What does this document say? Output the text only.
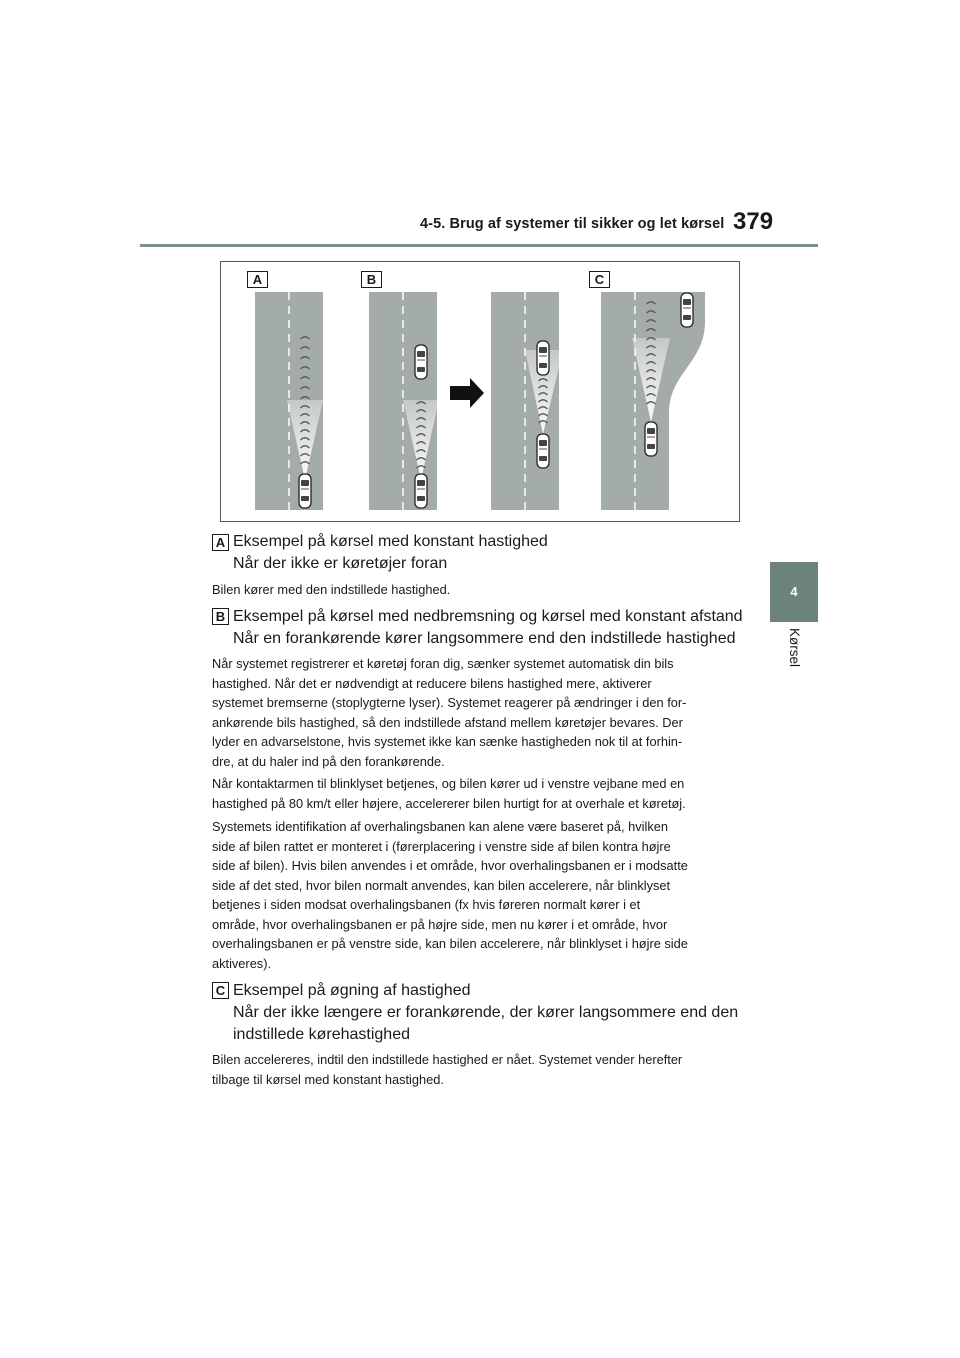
4-5. Brug af systemer til sikker og let kørsel 379
4
Kørsel
A	B	C
A Eksempel på kørsel med konstant hastighed
Når der ikke er køretøjer foran
Bilen kører med den indstillede hastighed.
B Eksempel på kørsel med nedbremsning og kørsel med konstant afstand
Når en forankørende kører langsommere end den indstillede hastighed
Når systemet registrerer et køretøj foran dig, sænker systemet automatisk din bils
hastighed. Når det er nødvendigt at reducere bilens hastighed mere, aktiverer
systemet bremserne (stoplygterne lyser). Systemet reagerer på ændringer i den for-
ankørende bils hastighed, så den indstillede afstand mellem køretøjer bevares. Der
lyder en advarselstone, hvis systemet ikke kan sænke hastigheden nok til at forhin-
dre, at du haler ind på den forankørende.
Når kontaktarmen til blinklyset betjenes, og bilen kører ud i venstre vejbane med en
hastighed på 80 km/t eller højere, accelererer bilen hurtigt for at overhale et køretøj.
Systemets identifikation af overhalingsbanen kan alene være baseret på, hvilken
side af bilen rattet er monteret i (førerplacering i venstre side af bilen kontra højre
side af bilen). Hvis bilen anvendes i et område, hvor overhalingsbanen er i modsatte
side af det sted, hvor bilen normalt anvendes, kan bilen accelerere, når blinklyset
betjenes i siden modsat overhalingsbanen (fx hvis føreren normalt kører i et
område, hvor overhalingsbanen er på højre side, men nu kører i et område, hvor
overhalingsbanen er på venstre side, kan bilen accelerere, når blinklyset i højre side
aktiveres).
C Eksempel på øgning af hastighed
Når der ikke længere er forankørende, der kører langsommere end den
indstillede kørehastighed
Bilen accelereres, indtil den indstillede hastighed er nået. Systemet vender herefter
tilbage til kørsel med konstant hastighed.
